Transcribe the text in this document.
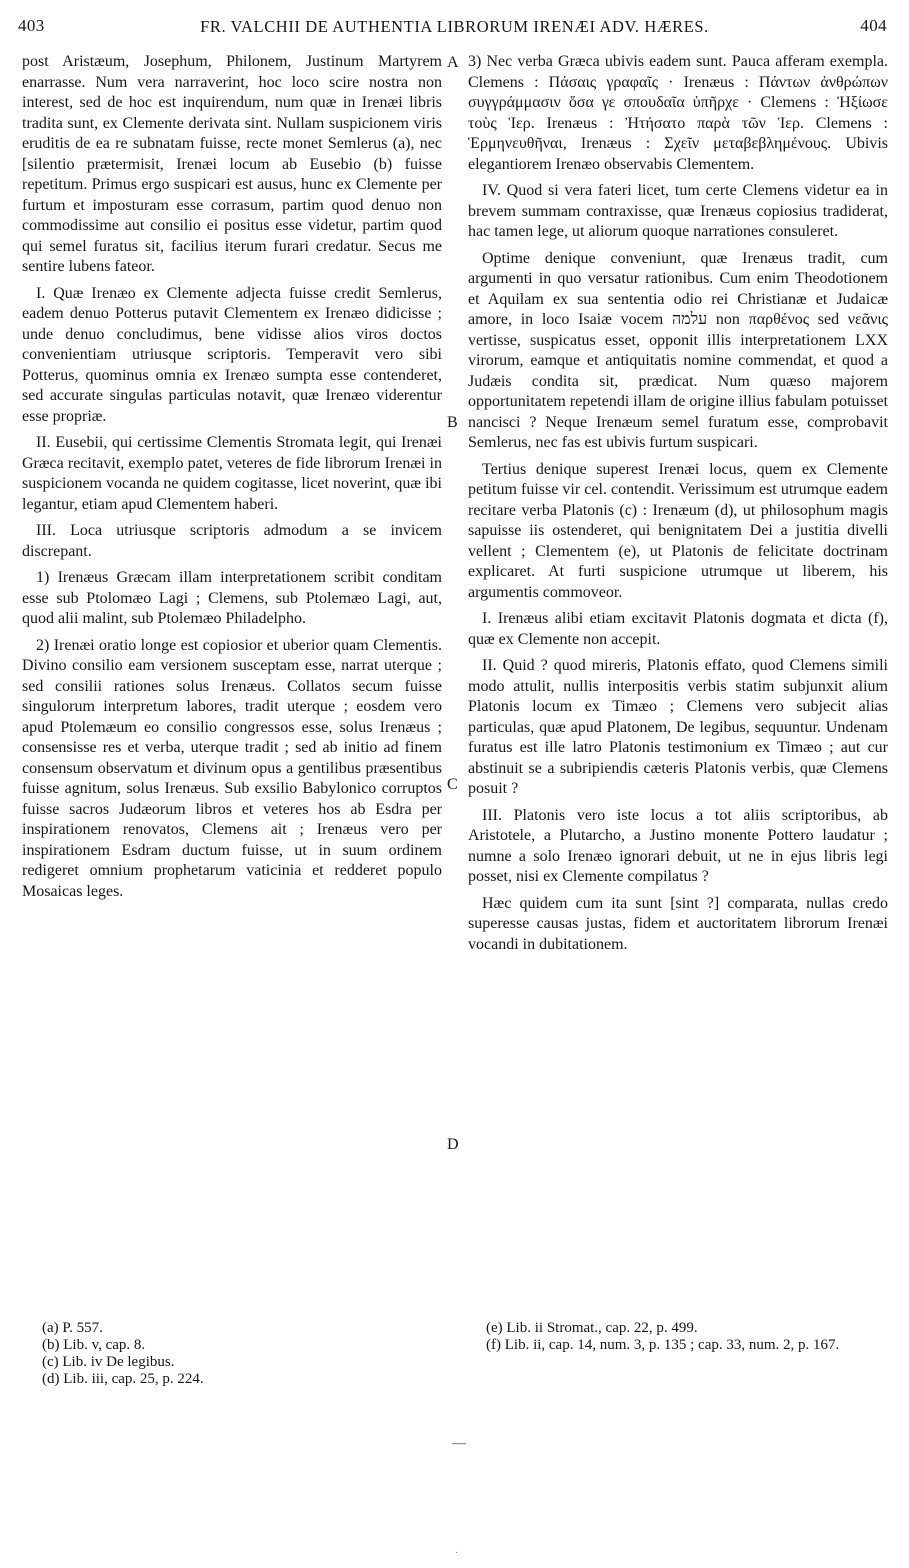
403	FR. VALCHII DE AUTHENTIA LIBRORUM IRENÆI ADV. HÆRES.	404

post Aristæum, Josephum, Philonem, Justinum Martyrem enarrasse. Num vera narraverint, hoc loco scire nostra non interest, sed de hoc est inquirendum, num quæ in Irenæi libris tradita sunt, ex Clemente derivata sint. Nullam suspicionem viris eruditis de ea re subnatam fuisse, recte monet Semlerus (a), nec [silentio prætermisit, Irenæi locum ab Eusebio (b) fuisse repetitum. Primus ergo suspicari est ausus, hunc ex Clemente per furtum et imposturam esse corrasum, partim quod denuo non commodissime aut consilio ei positus esse videtur, partim quod qui semel furatus sit, facilius iterum furari credatur. Secus me sentire lubens fateor.

I. Quæ Irenæo ex Clemente adjecta fuisse credit Semlerus, eadem denuo Potterus putavit Clementem ex Irenæo didicisse ; unde denuo concludimus, bene vidisse alios viros doctos convenientiam utriusque scriptoris. Temperavit vero sibi Potterus, quominus omnia ex Irenæo sumpta esse contenderet, sed accurate singulas particulas notavit, quæ Irenæo viderentur esse propriæ.

II. Eusebii, qui certissime Clementis Stromata legit, qui Irenæi Græca recitavit, exemplo patet, veteres de fide librorum Irenæi in suspicionem vocanda ne quidem cogitasse, licet noverint, quæ ibi legantur, etiam apud Clementem haberi.

III. Loca utriusque scriptoris admodum a se invicem discrepant.

1) Irenæus Græcam illam interpretationem scribit conditam esse sub Ptolomæo Lagi ; Clemens, sub Ptolemæo Lagi, aut, quod alii malint, sub Ptolemæo Philadelpho.

2) Irenæi oratio longe est copiosior et uberior quam Clementis. Divino consilio eam versionem susceptam esse, narrat uterque ; sed consilii rationes solus Irenæus. Collatos secum fuisse singulorum interpretum labores, tradit uterque ; eosdem vero apud Ptolemæum eo consilio congressos esse, solus Irenæus ; consensisse res et verba, uterque tradit ; sed ab initio ad finem consensum observatum et divinum opus a gentilibus præsentibus fuisse agnitum, solus Irenæus. Sub exsilio Babylonico corruptos fuisse sacros Judæorum libros et veteres hos ab Esdra per inspirationem renovatos, Clemens ait ; Irenæus vero per inspirationem Esdram ductum fuisse, ut in suum ordinem redigeret omnium prophetarum vaticinia et redderet populo Mosaicas leges.

A
B
C
D

3) Nec verba Græca ubivis eadem sunt. Pauca afferam exempla. Clemens : Πάσαις γραφαῖς · Irenæus : Πάντων ἀνθρώπων συγγράμμασιν ὅσα γε σπουδαῖα ὑπῆρχε · Clemens : Ἠξίωσε τοὺς Ἱερ. Irenæus : Ἠτήσατο παρὰ τῶν Ἱερ. Clemens : Ἑρμηνευθῆναι, Irenæus : Σχεῖν μεταβεβλημένους. Ubivis elegantiorem Irenæo observabis Clementem.

IV. Quod si vera fateri licet, tum certe Clemens videtur ea in brevem summam contraxisse, quæ Irenæus copiosius tradiderat, hac tamen lege, ut aliorum quoque narrationes consuleret.

Optime denique conveniunt, quæ Irenæus tradit, cum argumenti in quo versatur rationibus. Cum enim Theodotionem et Aquilam ex sua sententia odio rei Christianæ et Judaicæ amore, in loco Isaiæ vocem עלמה non παρθένος sed νεᾶνις vertisse, suspicatus esset, opponit illis interpretationem LXX virorum, eamque et antiquitatis nomine commendat, et quod a Judæis condita sit, prædicat. Num quæso majorem opportunitatem repetendi illam de origine illius fabulam potuisset nancisci ? Neque Irenæum semel furatum esse, comprobavit Semlerus, nec fas est ubivis furtum suspicari.

Tertius denique superest Irenæi locus, quem ex Clemente petitum fuisse vir cel. contendit. Verissimum est utrumque eadem recitare verba Platonis (c) : Irenæum (d), ut philosophum magis sapuisse iis ostenderet, qui benignitatem Dei a justitia divelli vellent ; Clementem (e), ut Platonis de felicitate doctrinam explicaret. At furti suspicione utrumque ut liberem, his argumentis commoveor.

I. Irenæus alibi etiam excitavit Platonis dogmata et dicta (f), quæ ex Clemente non accepit.

II. Quid ? quod mireris, Platonis effato, quod Clemens simili modo attulit, nullis interpositis verbis statim subjunxit alium Platonis locum ex Timæo ; Clemens vero subjecit alias particulas, quæ apud Platonem, De legibus, sequuntur. Undenam furatus est ille latro Platonis testimonium ex Timæo ; aut cur abstinuit se a subripiendis cæteris Platonis verbis, quæ Clemens posuit ?

III. Platonis vero iste locus a tot aliis scriptoribus, ab Aristotele, a Plutarcho, a Justino monente Pottero laudatur ; numne a solo Irenæo ignorari debuit, ut ne in ejus libris legi posset, nisi ex Clemente compilatus ?

Hæc quidem cum ita sunt [sint ?] comparata, nullas credo superesse causas justas, fidem et auctoritatem librorum Irenæi vocandi in dubitationem.

(a) P. 557.
(b) Lib. v, cap. 8.
(c) Lib. iv De legibus.
(d) Lib. iii, cap. 25, p. 224.
(e) Lib. ii Stromat., cap. 22, p. 499.
(f) Lib. ii, cap. 14, num. 3, p. 135 ; cap. 33, num. 2, p. 167.
—
·
